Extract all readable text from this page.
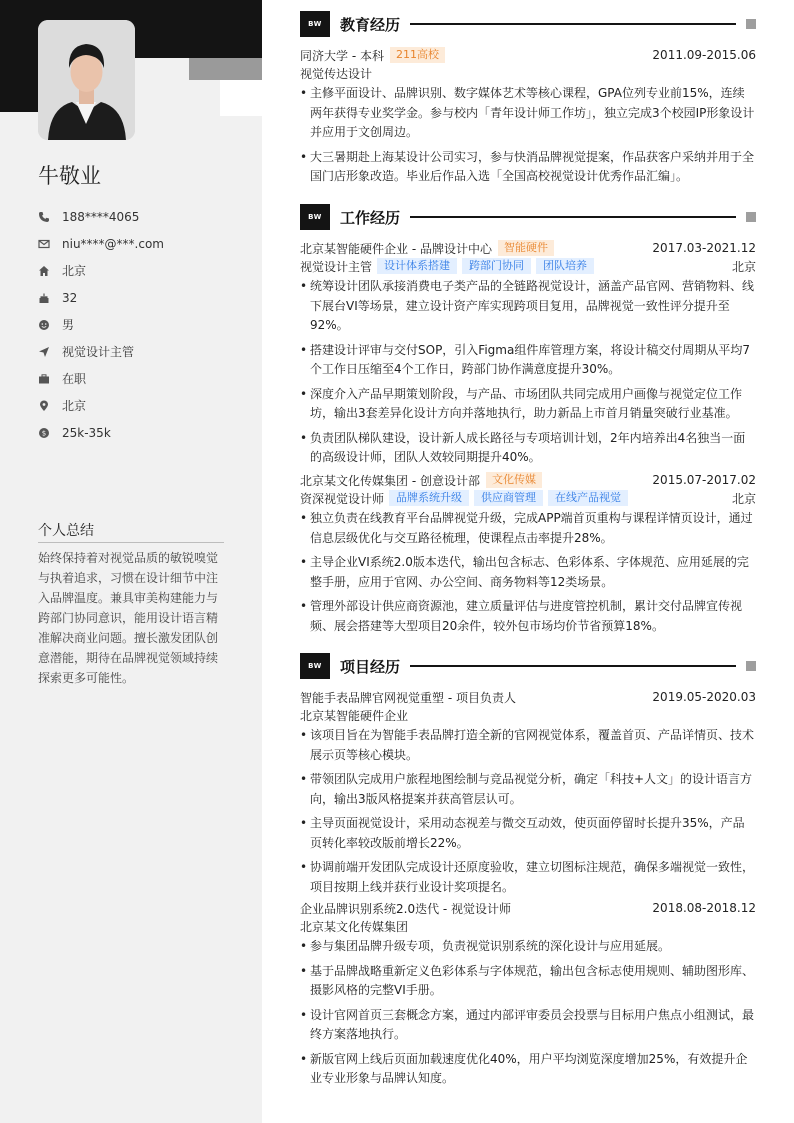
牛敬业
188****4065
niu****@***.com
北京
32
男
视觉设计主管
在职
北京
$ 25k-35k
个人总结
始终保持着对视觉品质的敏锐嗅觉与执着追求，习惯在设计细节中注入品牌温度。兼具审美构建能力与跨部门协同意识，能用设计语言精准解决商业问题。擅长激发团队创意潜能，期待在品牌视觉领域持续探索更多可能性。
BW	教育经历
同济大学 - 本科	211高校	2011.09-2015.06
视觉传达设计
• 主修平面设计、品牌识别、数字媒体艺术等核心课程，GPA位列专业前15%，连续两年获得专业奖学金。参与校内「青年设计师工作坊」，独立完成3个校园IP形象设计并应用于文创周边。
• 大三暑期赴上海某设计公司实习，参与快消品牌视觉提案，作品获客户采纳并用于全国门店形象改造。毕业后作品入选「全国高校视觉设计优秀作品汇编」。
BW	工作经历
北京某智能硬件企业 - 品牌设计中心	智能硬件	2017.03-2021.12
视觉设计主管	设计体系搭建	跨部门协同	团队培养	北京
• 统筹设计团队承接消费电子类产品的全链路视觉设计，涵盖产品官网、营销物料、线下展台VI等场景，建立设计资产库实现跨项目复用，品牌视觉一致性评分提升至92%。
• 搭建设计评审与交付SOP，引入Figma组件库管理方案，将设计稿交付周期从平均7个工作日压缩至4个工作日，跨部门协作满意度提升30%。
• 深度介入产品早期策划阶段，与产品、市场团队共同完成用户画像与视觉定位工作坊，输出3套差异化设计方向并落地执行，助力新品上市首月销量突破行业基准。
• 负责团队梯队建设，设计新人成长路径与专项培训计划，2年内培养出4名独当一面的高级设计师，团队人效较同期提升40%。
北京某文化传媒集团 - 创意设计部	文化传媒	2015.07-2017.02
资深视觉设计师	品牌系统升级	供应商管理	在线产品视觉	北京
• 独立负责在线教育平台品牌视觉升级，完成APP端首页重构与课程详情页设计，通过信息层级优化与交互路径梳理，使课程点击率提升28%。
• 主导企业VI系统2.0版本迭代，输出包含标志、色彩体系、字体规范、应用延展的完整手册，应用于官网、办公空间、商务物料等12类场景。
• 管理外部设计供应商资源池，建立质量评估与进度管控机制，累计交付品牌宣传视频、展会搭建等大型项目20余件，较外包市场均价节省预算18%。
BW	项目经历
智能手表品牌官网视觉重塑 - 项目负责人	2019.05-2020.03
北京某智能硬件企业
• 该项目旨在为智能手表品牌打造全新的官网视觉体系，覆盖首页、产品详情页、技术展示页等核心模块。
• 带领团队完成用户旅程地图绘制与竞品视觉分析，确定「科技+人文」的设计语言方向，输出3版风格提案并获高管层认可。
• 主导页面视觉设计，采用动态视差与微交互动效，使页面停留时长提升35%，产品页转化率较改版前增长22%。
• 协调前端开发团队完成设计还原度验收，建立切图标注规范，确保多端视觉一致性，项目按期上线并获行业设计奖项提名。
企业品牌识别系统2.0迭代 - 视觉设计师	2018.08-2018.12
北京某文化传媒集团
• 参与集团品牌升级专项，负责视觉识别系统的深化设计与应用延展。
• 基于品牌战略重新定义色彩体系与字体规范，输出包含标志使用规则、辅助图形库、摄影风格的完整VI手册。
• 设计官网首页三套概念方案，通过内部评审委员会投票与目标用户焦点小组测试，最终方案落地执行。
• 新版官网上线后页面加载速度优化40%，用户平均浏览深度增加25%，有效提升企业专业形象与品牌认知度。
